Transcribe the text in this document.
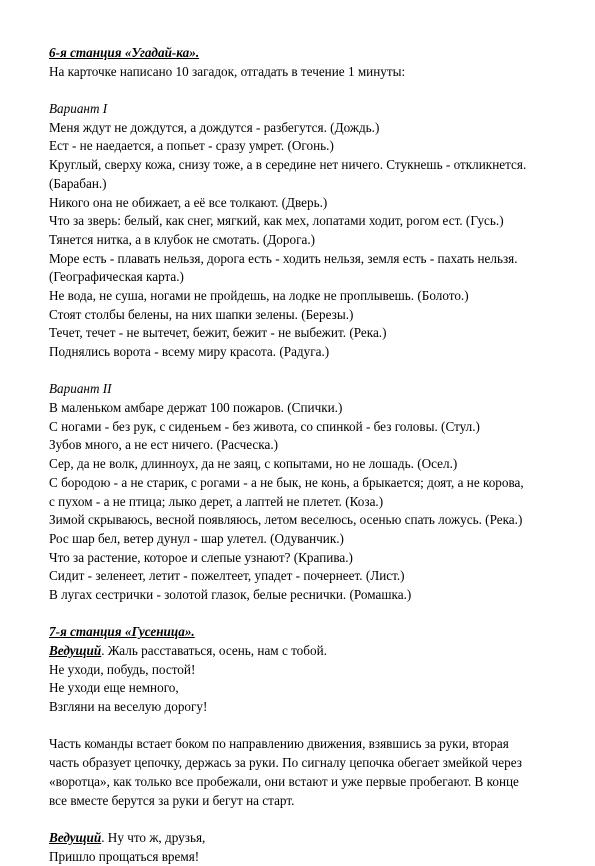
6-я станция «Угадай-ка».
На карточке написано 10 загадок, отгадать в течение 1 минуты:
Вариант I
Меня ждут не дождутся, а дождутся - разбегутся. (Дождь.)
Ест - не наедается, а попьет - сразу умрет. (Огонь.)
Круглый, сверху кожа, снизу тоже, а в середине нет ничего. Стукнешь - откликнется.
(Барабан.)
Никого она не обижает, а её все толкают. (Дверь.)
Что за зверь: белый, как снег, мягкий, как мех, лопатами ходит, рогом ест. (Гусь.)
Тянется нитка, а в клубок не смотать. (Дорога.)
Море есть - плавать нельзя, дорога есть - ходить нельзя, земля есть - пахать нельзя.
(Географическая карта.)
Не вода, не суша, ногами не пройдешь, на лодке не проплывешь. (Болото.)
Стоят столбы белены, на них шапки зелены. (Березы.)
Течет, течет - не вытечет, бежит, бежит - не выбежит. (Река.)
Поднялись ворота - всему миру красота. (Радуга.)
Вариант II
В маленьком амбаре держат 100 пожаров. (Спички.)
С ногами - без рук, с сиденьем - без живота, со спинкой - без головы. (Стул.)
Зубов много, а не ест ничего. (Расческа.)
Сер, да не волк, длинноух, да не заяц, с копытами, но не лошадь. (Осел.)
С бородою - а не старик, с рогами - а не бык, не конь, а брыкается; доят, а не корова,
с пухом - а не птица; лыко дерет, а лаптей не плетет. (Коза.)
Зимой скрываюсь, весной появляюсь, летом веселюсь, осенью спать ложусь. (Река.)
Рос шар бел, ветер дунул - шар улетел. (Одуванчик.)
Что за растение, которое и слепые узнают? (Крапива.)
Сидит - зеленеет, летит - пожелтеет, упадет - почернеет. (Лист.)
В лугах сестрички - золотой глазок, белые реснички. (Ромашка.)
7-я станция «Гусеница».
Ведущий. Жаль расставаться, осень, нам с тобой.
Не уходи, побудь, постой!
Не уходи еще немного,
Взгляни на веселую дорогу!
Часть команды встает боком по направлению движения, взявшись за руки, вторая
часть образует цепочку, держась за руки. По сигналу цепочка обегает змейкой через
«воротца», как только все пробежали, они встают и уже первые пробегают. В конце
все вместе берутся за руки и бегут на старт.
Ведущий. Ну что ж, друзья,
Пришло прощаться время!
